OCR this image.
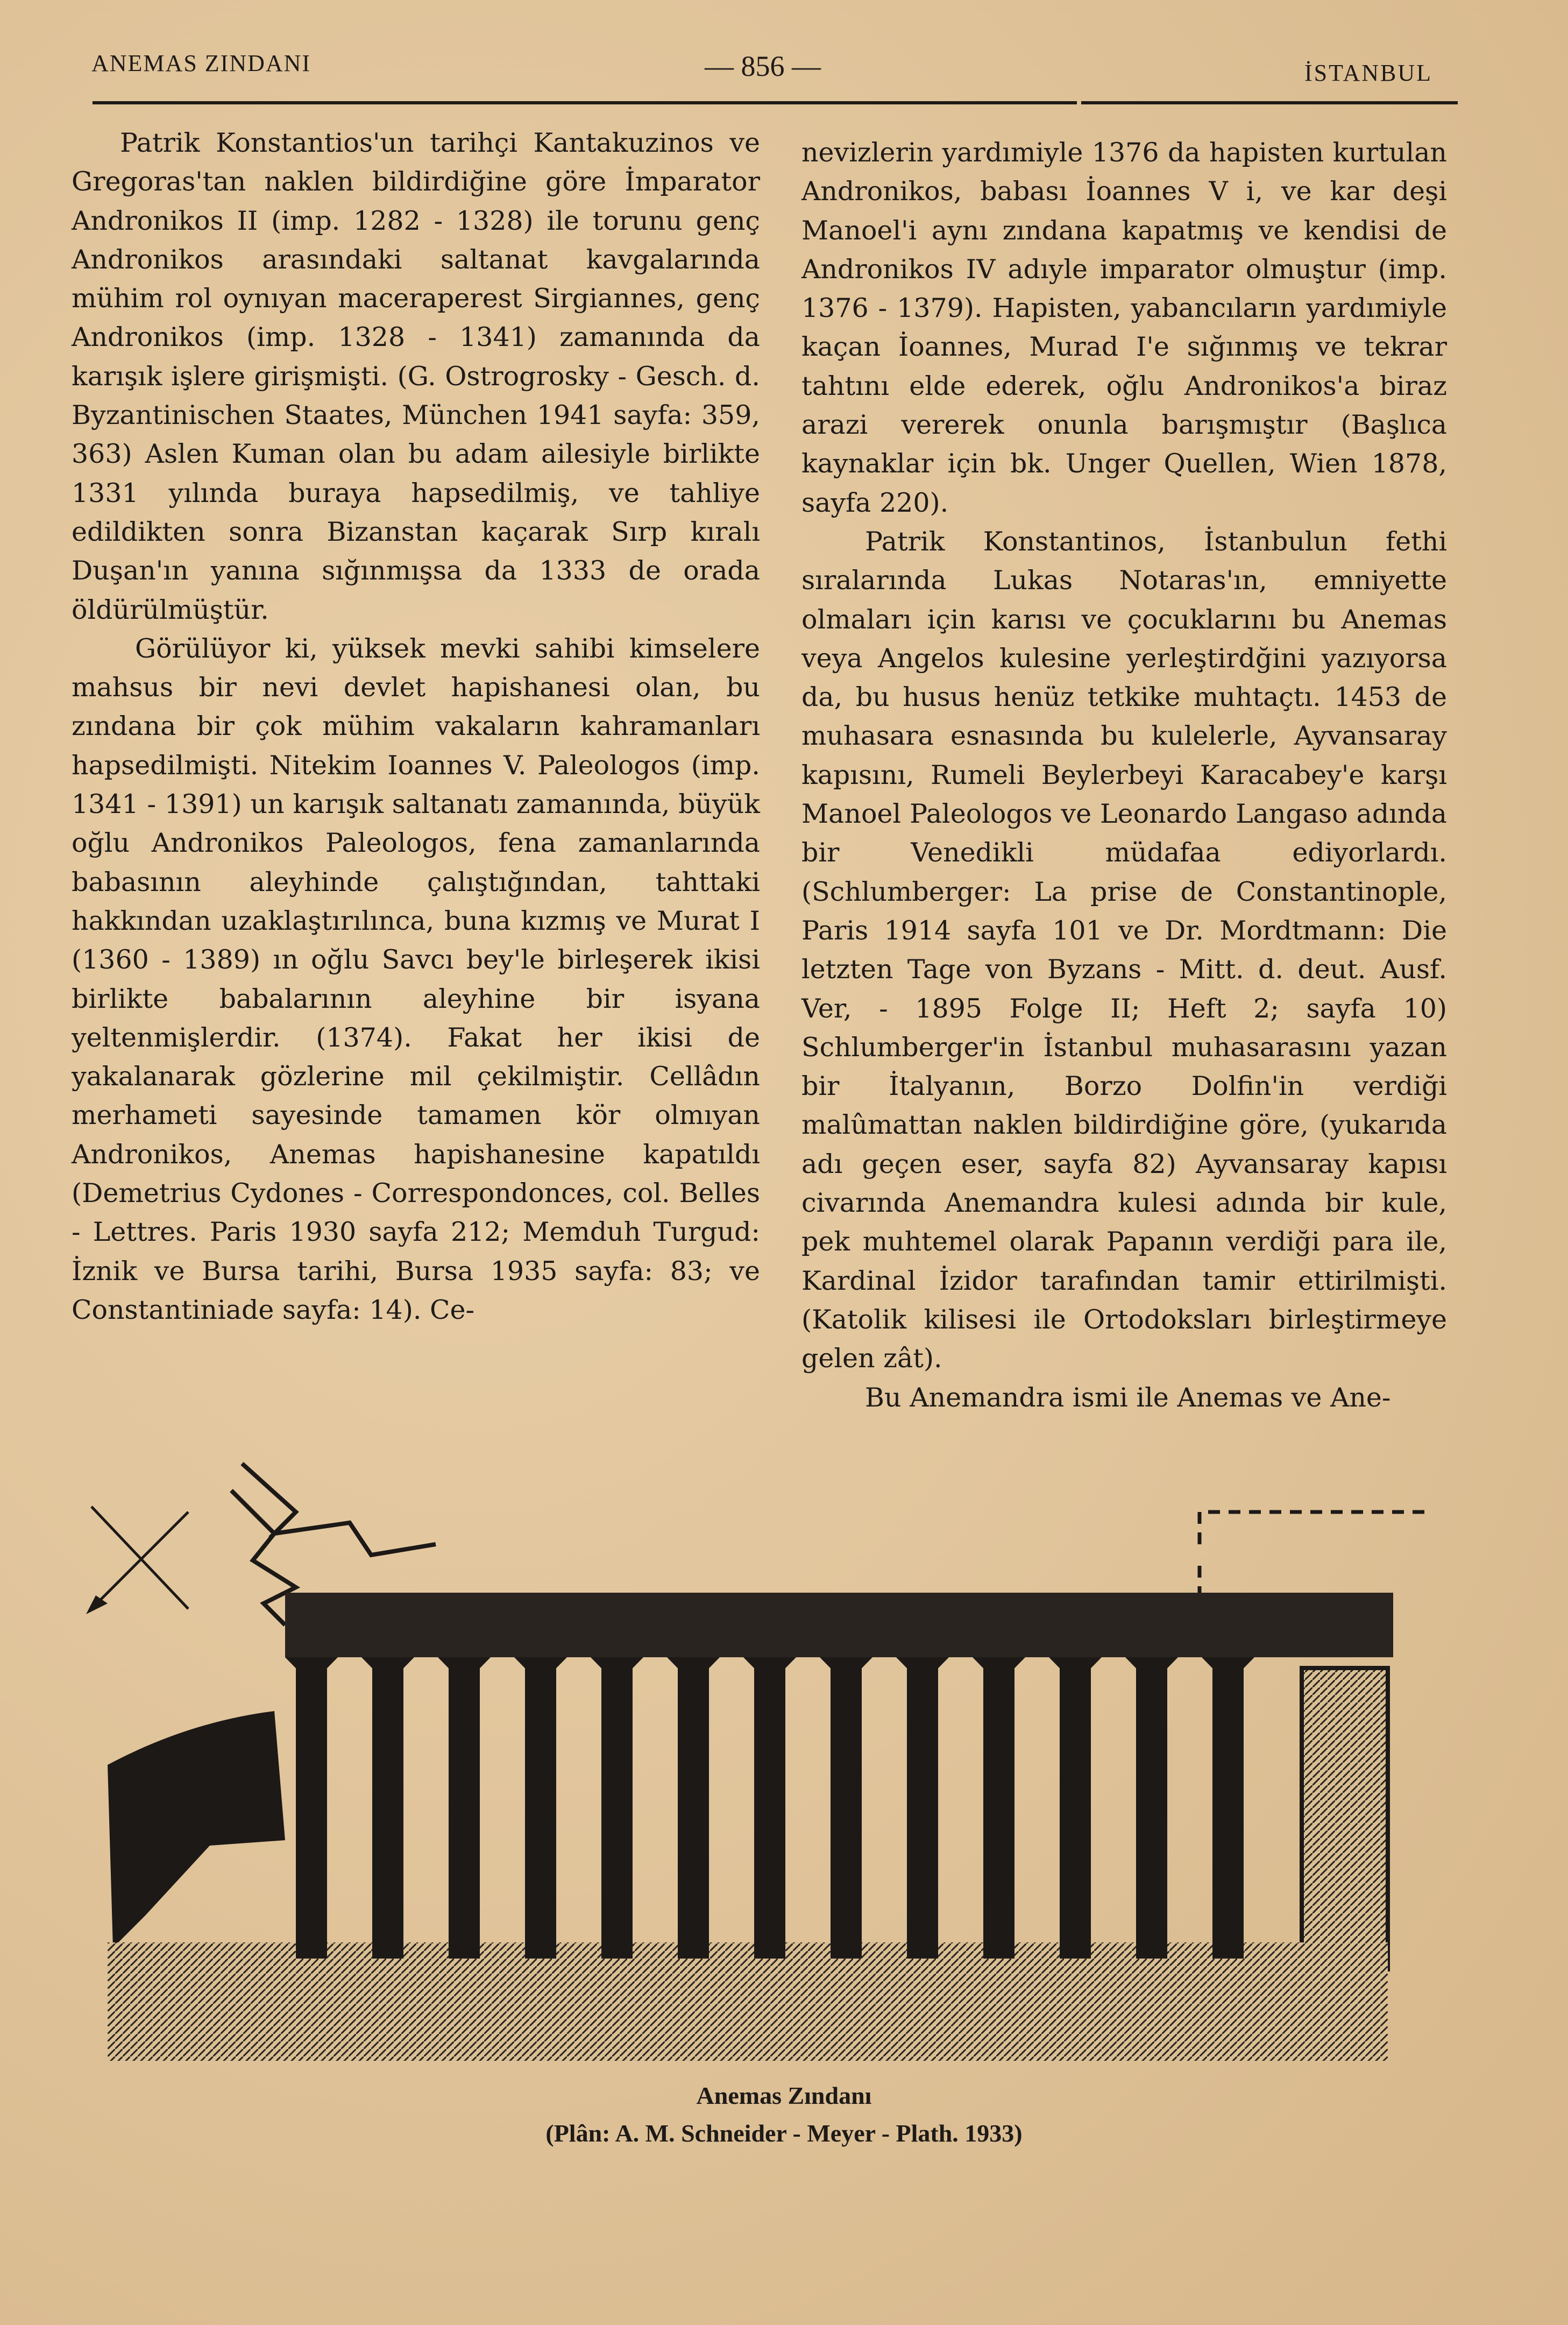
ANEMAS ZINDANI	— 856 —	İSTANBUL

Patrik Konstantios'un tarihçi Kantakuzinos ve Gregoras'tan naklen bildirdiğine göre İmparator Andronikos II (imp. 1282 - 1328) ile torunu genç Andronikos arasındaki saltanat kavgalarında mühim rol oynıyan maceraperest Sirgiannes, genç Andronikos (imp. 1328 - 1341) zamanında da karışık işlere girişmişti. (G. Ostrogrosky - Gesch. d. Byzantinischen Staates, München 1941 sayfa: 359, 363) Aslen Kuman olan bu adam ailesiyle birlikte 1331 yılında buraya hapsedilmiş, ve tahliye edildikten sonra Bizanstan kaçarak Sırp kıralı Duşan'ın yanına sığınmışsa da 1333 de orada öldürülmüştür.

Görülüyor ki, yüksek mevki sahibi kimselere mahsus bir nevi devlet hapishanesi olan, bu zındana bir çok mühim vakaların kahramanları hapsedilmişti. Nitekim Ioannes V. Paleologos (imp. 1341 - 1391) un karışık saltanatı zamanında, büyük oğlu Andronikos Paleologos, fena zamanlarında babasının aleyhinde çalıştığından, tahttaki hakkından uzaklaştırılınca, buna kızmış ve Murat I (1360 - 1389) ın oğlu Savcı bey'le birleşerek ikisi birlikte babalarının aleyhine bir isyana yeltenmişlerdir. (1374). Fakat her ikisi de yakalanarak gözlerine mil çekilmiştir. Cellâdın merhameti sayesinde tamamen kör olmıyan Andronikos, Anemas hapishanesine kapatıldı (Demetrius Cydones - Correspondonces, col. Belles - Lettres. Paris 1930 sayfa 212; Memduh Turgud: İznik ve Bursa tarihi, Bursa 1935 sayfa: 83; ve Constantiniade sayfa: 14). Ce-

nevizlerin yardımiyle 1376 da hapisten kurtulan Andronikos, babası İoannes V i, ve kar deşi Manoel'i aynı zındana kapatmış ve kendisi de Andronikos IV adıyle imparator olmuştur (imp. 1376 - 1379). Hapisten, yabancıların yardımiyle kaçan İoannes, Murad I'e sığınmış ve tekrar tahtını elde ederek, oğlu Andronikos'a biraz arazi vererek onunla barışmıştır (Başlıca kaynaklar için bk. Unger Quellen, Wien 1878, sayfa 220).

Patrik Konstantinos, İstanbulun fethi sıralarında Lukas Notaras'ın, emniyette olmaları için karısı ve çocuklarını bu Anemas veya Angelos kulesine yerleştirdğini yazıyorsa da, bu husus henüz tetkike muhtaçtı. 1453 de muhasara esnasında bu kulelerle, Ayvansaray kapısını, Rumeli Beylerbeyi Karacabey'e karşı Manoel Paleologos ve Leonardo Langaso adında bir Venedikli müdafaa ediyorlardı. (Schlumberger: La prise de Constantinople, Paris 1914 sayfa 101 ve Dr. Mordtmann: Die letzten Tage von Byzans - Mitt. d. deut. Ausf. Ver, - 1895 Folge II; Heft 2; sayfa 10) Schlumberger'in İstanbul muhasarasını yazan bir İtalyanın, Borzo Dolfin'in verdiği malûmattan naklen bildirdiğine göre, (yukarıda adı geçen eser, sayfa 82) Ayvansaray kapısı civarında Anemandra kulesi adında bir kule, pek muhtemel olarak Papanın verdiği para ile, Kardinal İzidor tarafından tamir ettirilmişti. (Katolik kilisesi ile Ortodoksları birleştirmeye gelen zât).

Bu Anemandra ismi ile Anemas ve Ane-

Anemas Zındanı
(Plân: A. M. Schneider - Meyer - Plath. 1933)
